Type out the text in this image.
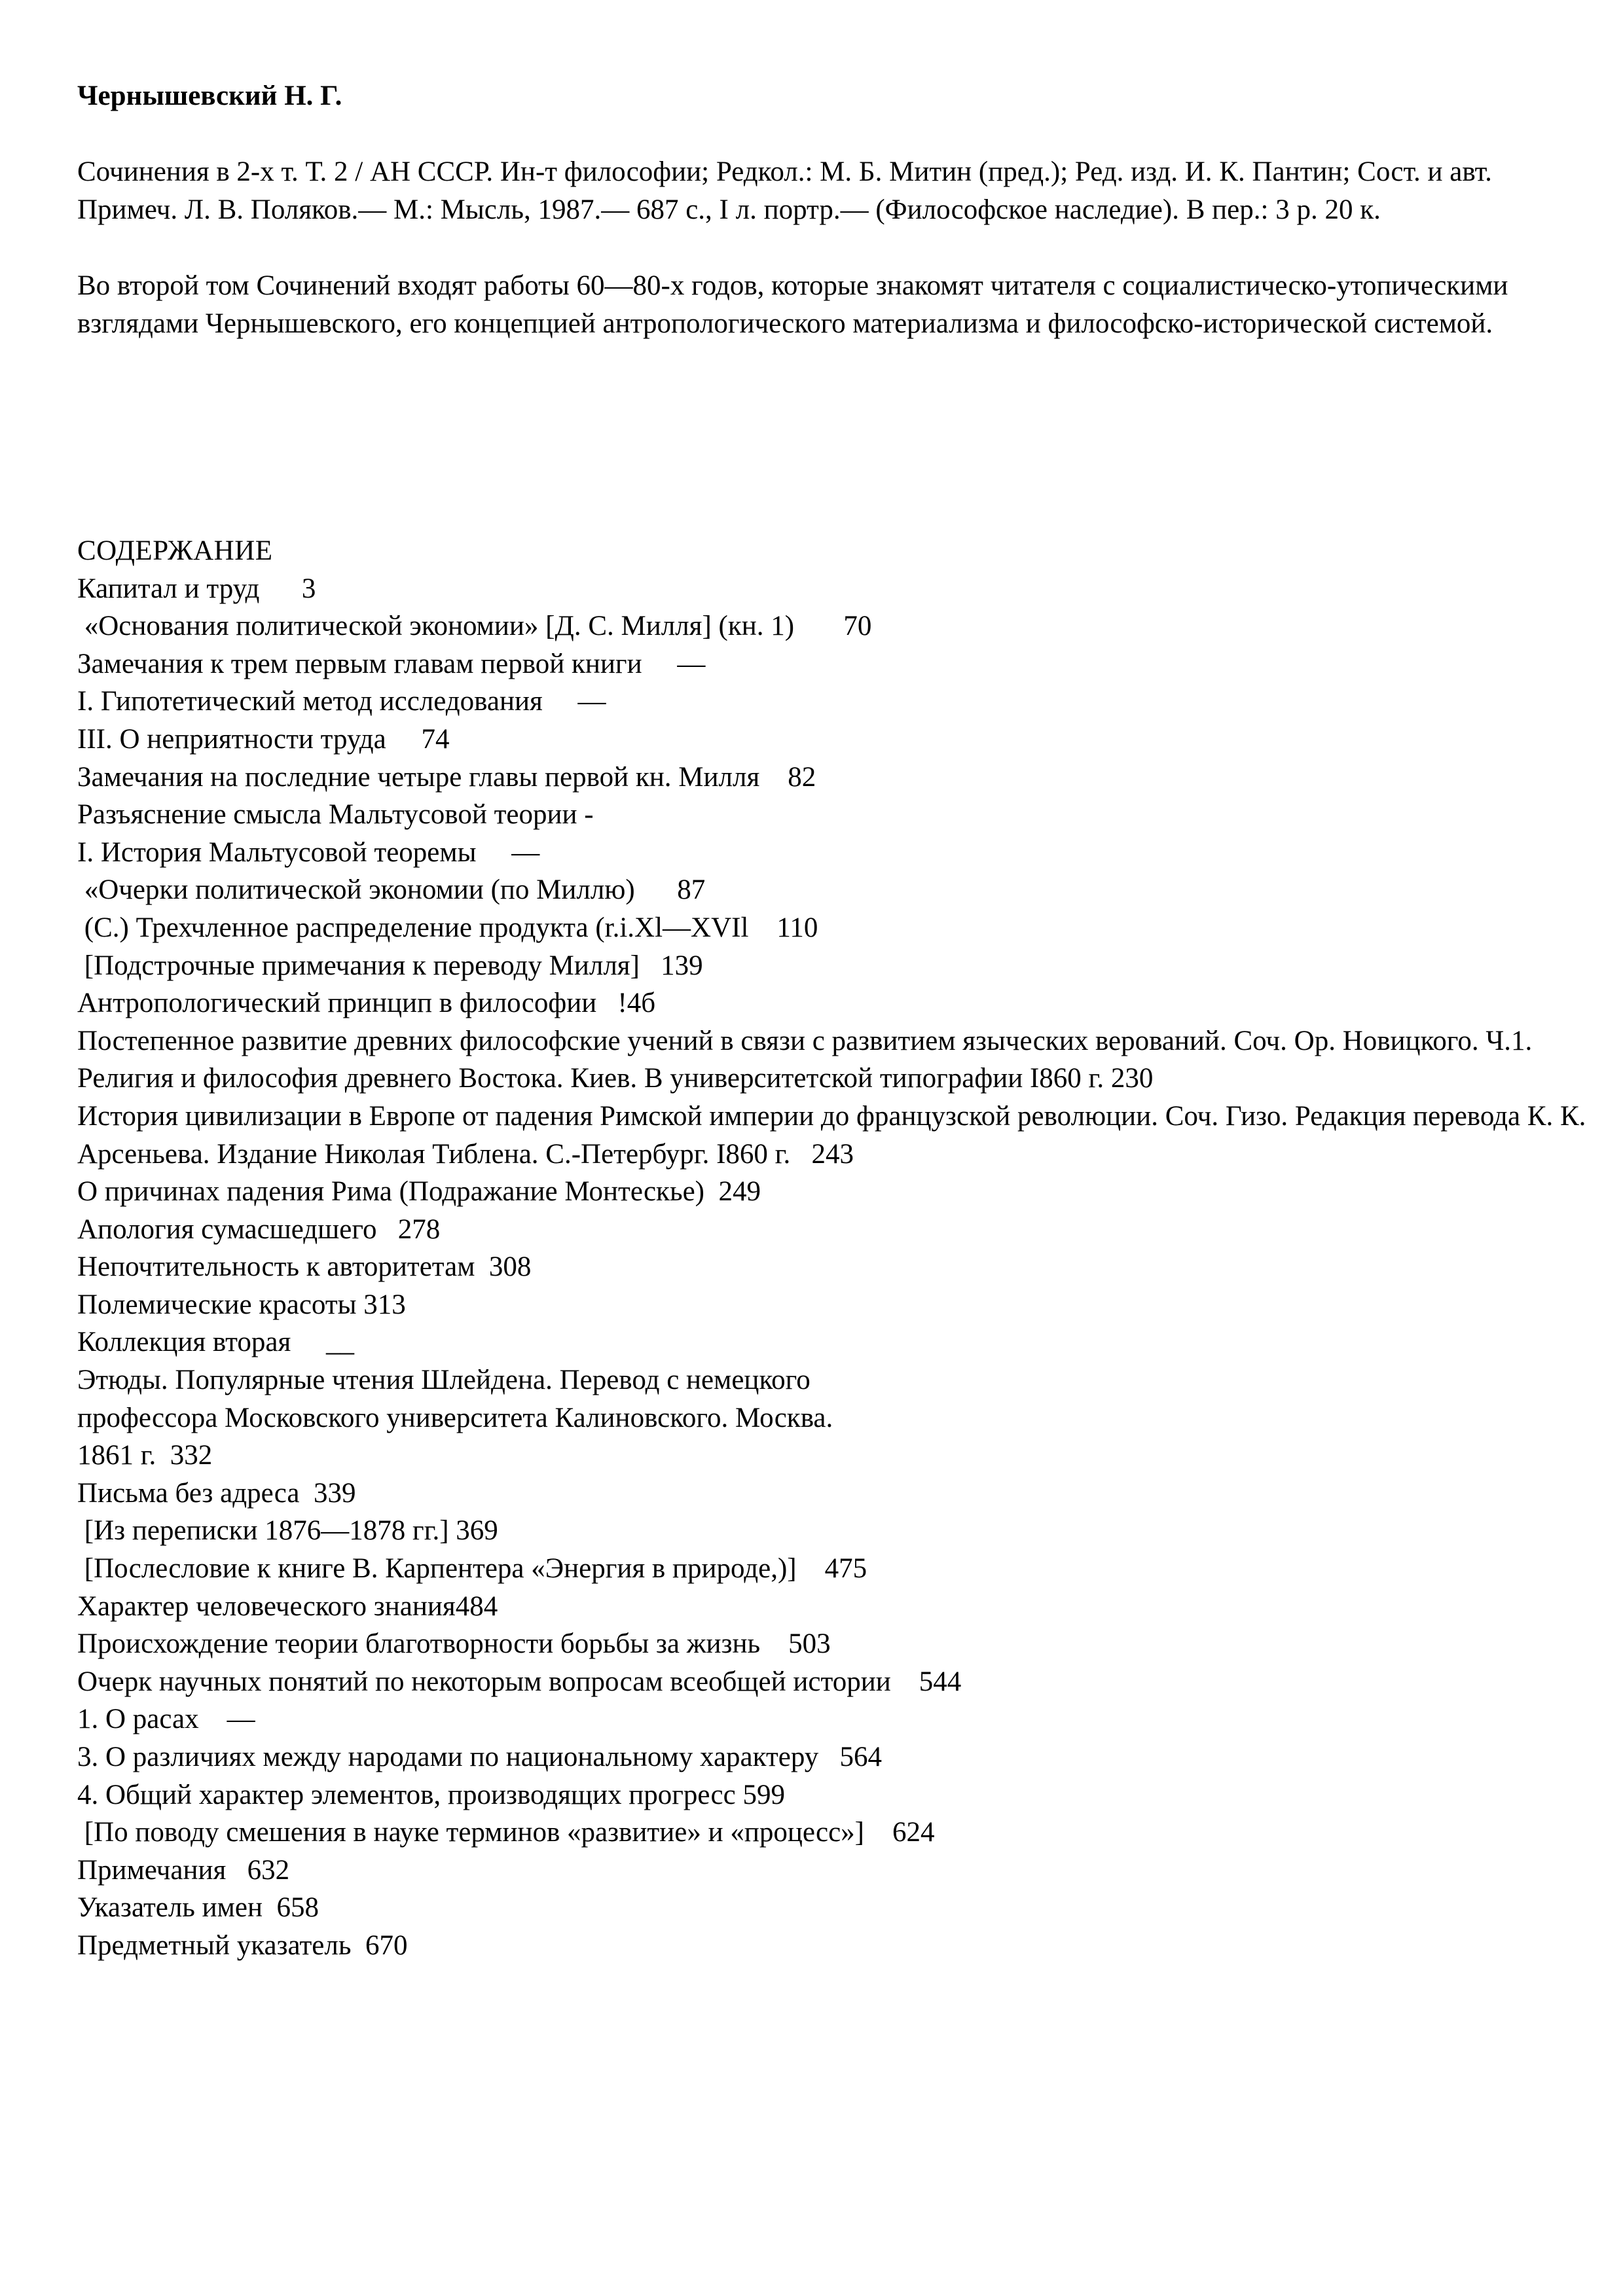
Чернышевский Н. Г.
Сочинения в 2-х т. Т. 2 / АН СССР. Ин-т философии; Редкол.: М. Б. Митин (пред.); Ред. изд. И. К. Пантин; Сост. и авт. Примеч. Л. В. Поляков.— М.: Мысль, 1987.— 687 с., I л. портр.— (Философское наследие). В пер.: 3 р. 20 к.
Во второй том Сочинений входят работы 60—80-х годов, которые знакомят читателя с социалистическо-утопическими взглядами Чернышевского, его концепцией антропологического материализма и философско-исторической системой.
СОДЕРЖАНИЕ
Капитал и труд 3
«Основания политической экономии» [Д. С. Милля] (кн. 1) 70
Замечания к трем первым главам первой книги —
I. Гипотетический метод исследования —
III. О неприятности труда 74
Замечания на последние четыре главы первой кн. Милля 82
Разъяснение смысла Мальтусовой теории -
I. История Мальтусовой теоремы —
«Очерки политической экономии (по Миллю) 87
(С.) Трехчленное распределение продукта (r.i.Xl—XVIl 110
[Подстрочные примечания к переводу Милля] 139
Антропологический принцип в философии !4б
Постепенное развитие древних философские учений в связи с развитием языческих верований. Соч. Ор. Новицкого. Ч.1. Религия и философия древнего Востока. Киев. В университетской типографии I860 г. 230
История цивилизации в Европе от падения Римской империи до французской революции. Соч. Гизо. Редакция перевода К. К. Арсеньева. Издание Николая Тиблена. С.-Петербург. I860 г. 243
О причинах падения Рима (Подражание Монтескье) 249
Апология сумасшедшего 278
Непочтительность к авторитетам 308
Полемические красоты 313
Коллекция вторая __
Этюды. Популярные чтения Шлейдена. Перевод с немецкого
профессора Московского университета Калиновского. Москва.
1861 г. 332
Письма без адреса 339
[Из переписки 1876—1878 гг.] 369
[Послесловие к книге В. Карпентера «Энергия в природе,)] 475
Характер человеческого знания484
Происхождение теории благотворности борьбы за жизнь 503
Очерк научных понятий по некоторым вопросам всеобщей истории 544
1. О расах —
3. О различиях между народами по национальному характеру 564
4. Общий характер элементов, производящих прогресс 599
[По поводу смешения в науке терминов «развитие» и «процесс»] 624
Примечания 632
Указатель имен 658
Предметный указатель 670
